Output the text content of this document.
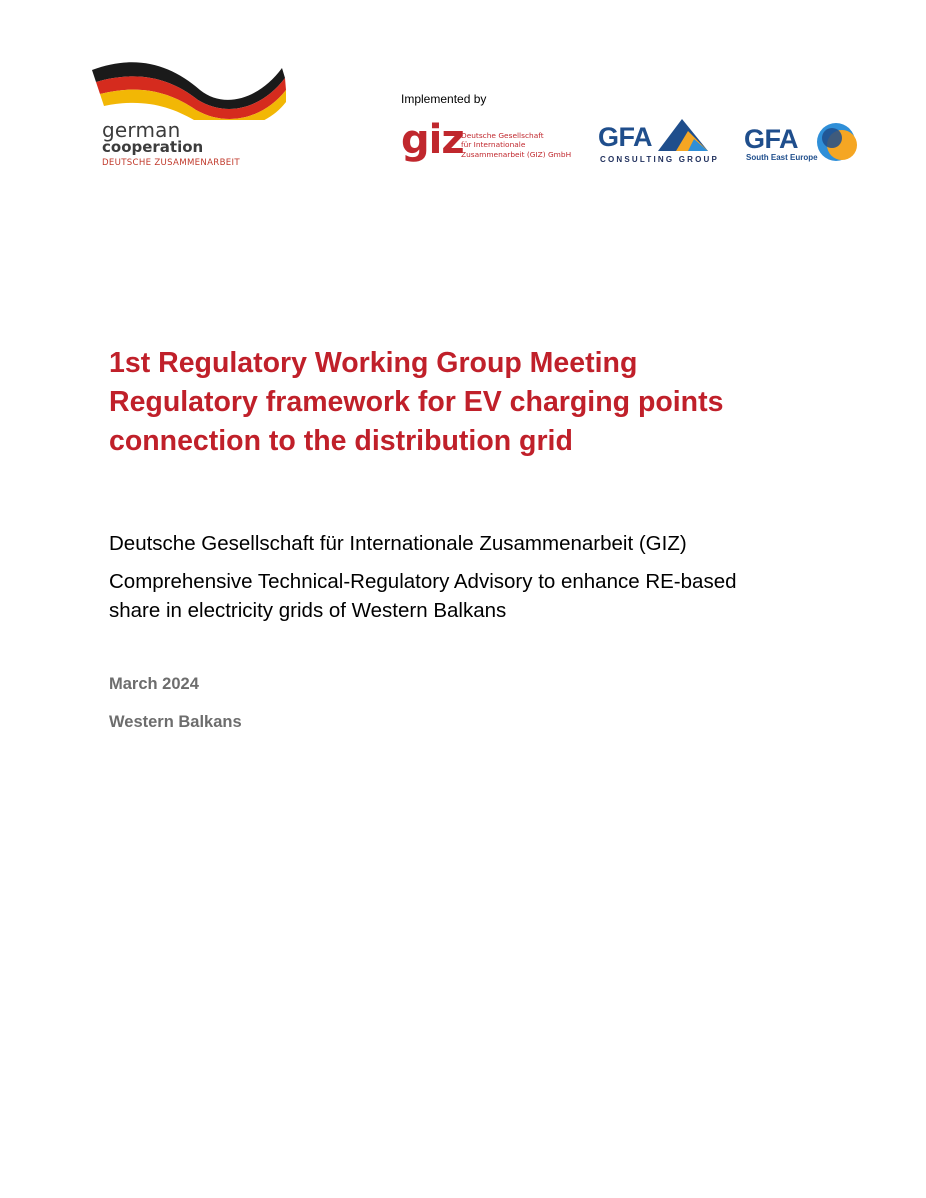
german
cooperation
DEUTSCHE ZUSAMMENARBEIT
Implemented by
giz
Deutsche Gesellschaft
für Internationale
Zusammenarbeit (GIZ) GmbH
GFA
CONSULTING GROUP
GFA
South East Europe
1st Regulatory Working Group Meeting
Regulatory framework for EV charging points
connection to the distribution grid
Deutsche Gesellschaft für Internationale Zusammenarbeit (GIZ)
Comprehensive Technical-Regulatory Advisory to enhance RE-based
share in electricity grids of Western Balkans
March 2024
Western Balkans
